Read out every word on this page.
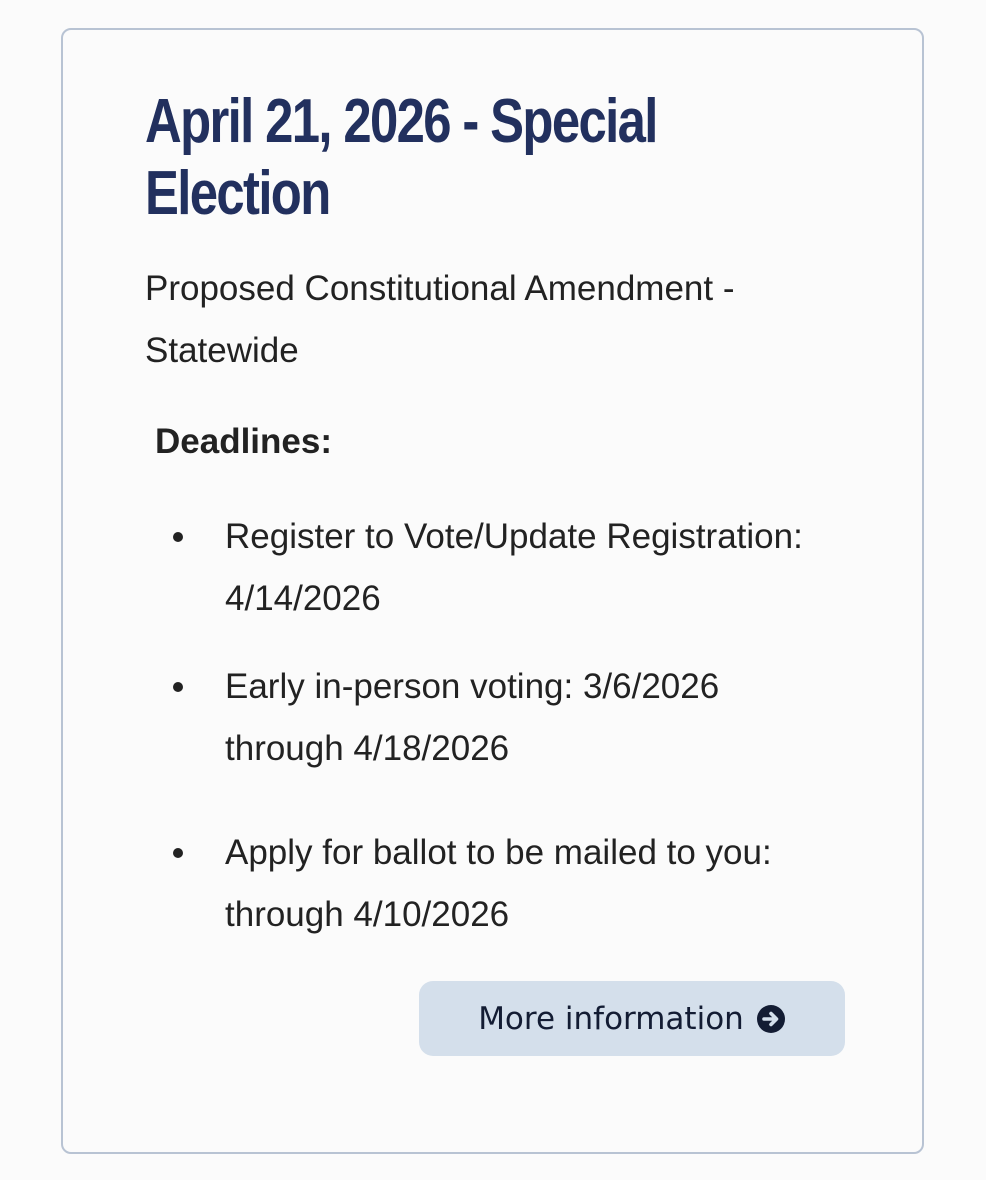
April 21, 2026 - Special Election

Proposed Constitutional Amendment - Statewide

Deadlines:
Register to Vote/Update Registration: 4/14/2026
Early in-person voting: 3/6/2026 through 4/18/2026
Apply for ballot to be mailed to you: through 4/10/2026
More information
